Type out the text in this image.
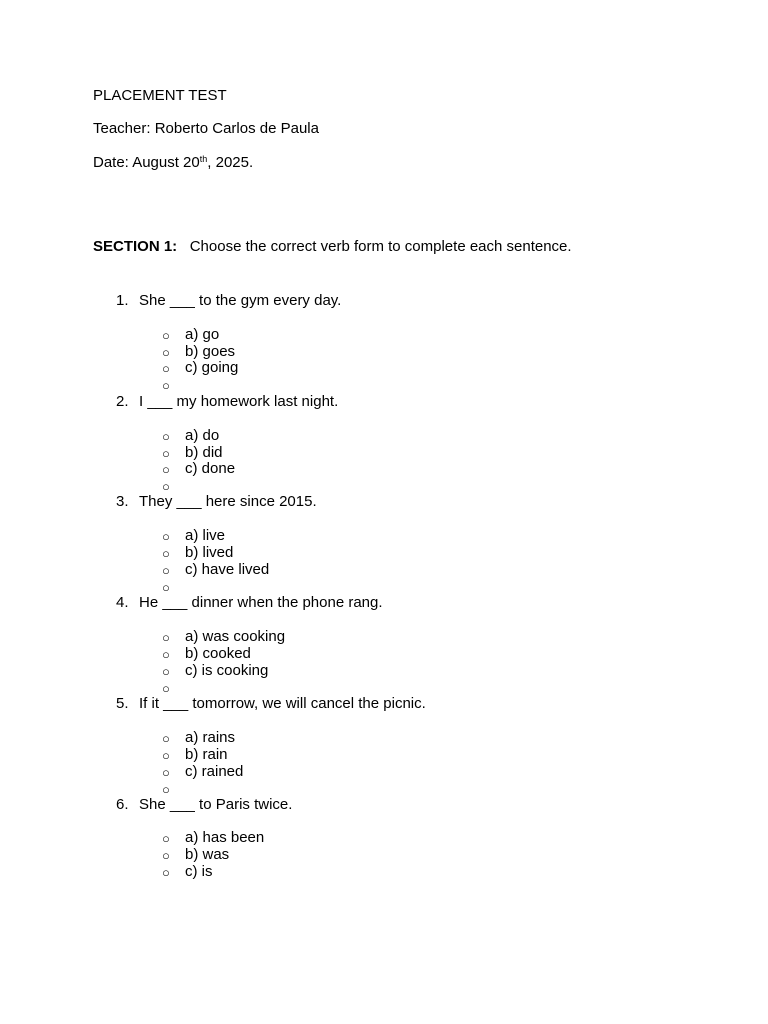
PLACEMENT TEST
Teacher: Roberto Carlos de Paula
Date: August 20th, 2025.
SECTION 1: Choose the correct verb form to complete each sentence.
1. She ___ to the gym every day.
○ a) go
○ b) goes
○ c) going
○
2. I ___ my homework last night.
○ a) do
○ b) did
○ c) done
○
3. They ___ here since 2015.
○ a) live
○ b) lived
○ c) have lived
○
4. He ___ dinner when the phone rang.
○ a) was cooking
○ b) cooked
○ c) is cooking
○
5. If it ___ tomorrow, we will cancel the picnic.
○ a) rains
○ b) rain
○ c) rained
○
6. She ___ to Paris twice.
○ a) has been
○ b) was
○ c) is
